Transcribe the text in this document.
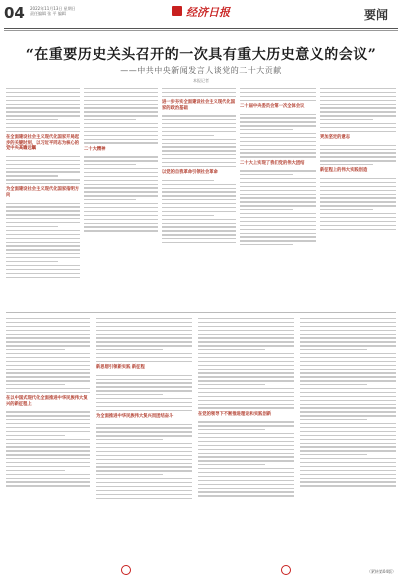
04 2022年11月13日 星期日
责任编辑 张 平 编辑	经济日报	要闻
“在重要历史关头召开的一次具有重大历史意义的会议”
——中共中央新闻发言人谈党的二十大贡献
本报记者
在全面建设社会主义现代化国家开局起步的关键时刻，以习近平同志为核心的党中央高瞻远瞩
为全面建设社会主义现代化国家指明方向
二十大精神
进一步夯实全面建设社会主义现代化国家的政治基础
以党的自我革命引领社会革命
二十届中央委员会第一次全体会议
二十大上实现了我们党的伟大团结
更加坚定的意志
新征程上的伟大实践创造
在以中国式现代化全面推进中华民族伟大复兴的新征程上
新思想引领新实践 新征程
为全面推进中华民族伟大复兴而团结奋斗	在党的领导下不断推进理论和实践创新
（紧转第04版）
